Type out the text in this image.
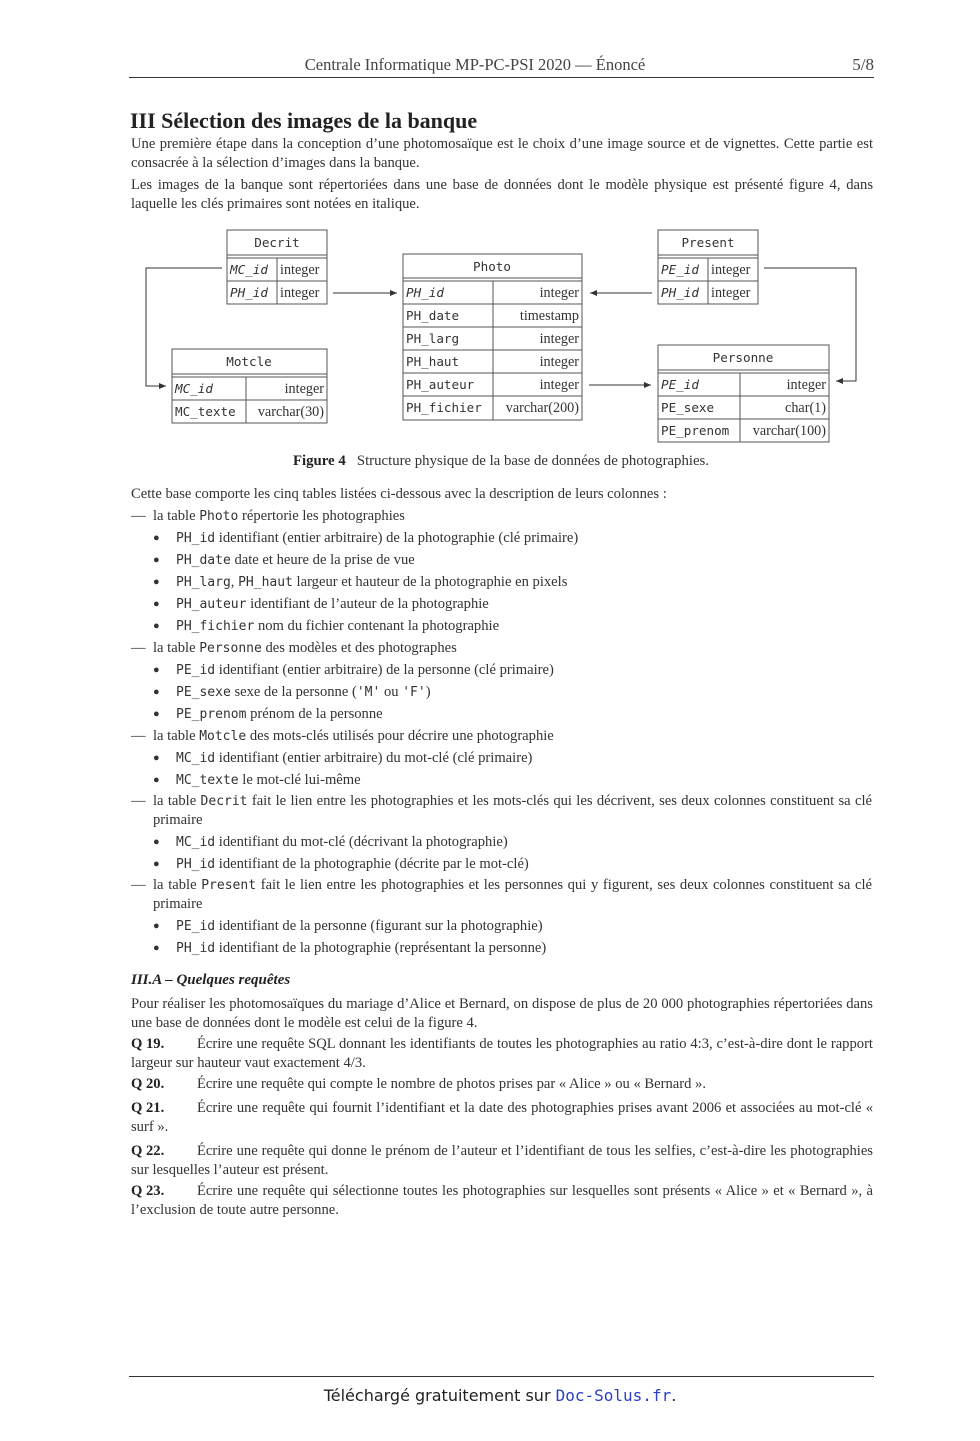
Centrale Informatique MP-PC-PSI 2020 — Énoncé	5/8
III Sélection des images de la banque
Une première étape dans la conception d’une photomosaïque est le choix d’une image source et de vignettes. Cette partie est consacrée à la sélection d’images dans la banque.
Les images de la banque sont répertoriées dans une base de données dont le modèle physique est présenté figure 4, dans laquelle les clés primaires sont notées en italique.
Decrit
MC_id integer
PH_id integer
Photo
PH_id	integer
PH_date	timestamp
PH_larg	integer
PH_haut	integer
PH_auteur	integer
PH_fichier varchar(200)
Present
PE_id integer
PH_id integer
Motcle
MC_id	integer
MC_texte varchar(30)
Personne
PE_id	integer
PE_sexe	char(1)
PE_prenom varchar(100)
Figure 4 Structure physique de la base de données de photographies.
Cette base comporte les cinq tables listées ci-dessous avec la description de leurs colonnes :
— la table Photo répertorie les photographies
● PH_id identifiant (entier arbitraire) de la photographie (clé primaire)
● PH_date date et heure de la prise de vue
● PH_larg, PH_haut largeur et hauteur de la photographie en pixels
● PH_auteur identifiant de l’auteur de la photographie
● PH_fichier nom du fichier contenant la photographie
— la table Personne des modèles et des photographes
● PE_id identifiant (entier arbitraire) de la personne (clé primaire)
● PE_sexe sexe de la personne ('M' ou 'F')
● PE_prenom prénom de la personne
— la table Motcle des mots-clés utilisés pour décrire une photographie
● MC_id identifiant (entier arbitraire) du mot-clé (clé primaire)
● MC_texte le mot-clé lui-même
— la table Decrit fait le lien entre les photographies et les mots-clés qui les décrivent, ses deux colonnes constituent sa clé primaire
● MC_id identifiant du mot-clé (décrivant la photographie)
● PH_id identifiant de la photographie (décrite par le mot-clé)
— la table Present fait le lien entre les photographies et les personnes qui y figurent, ses deux colonnes constituent sa clé primaire
● PE_id identifiant de la personne (figurant sur la photographie)
● PH_id identifiant de la photographie (représentant la personne)
III.A – Quelques requêtes
Pour réaliser les photomosaïques du mariage d’Alice et Bernard, on dispose de plus de 20 000 photographies répertoriées dans une base de données dont le modèle est celui de la figure 4.
Q 19. Écrire une requête SQL donnant les identifiants de toutes les photographies au ratio 4:3, c’est-à-dire dont le rapport largeur sur hauteur vaut exactement 4/3.
Q 20. Écrire une requête qui compte le nombre de photos prises par « Alice » ou « Bernard ».
Q 21. Écrire une requête qui fournit l’identifiant et la date des photographies prises avant 2006 et associées au mot-clé « surf ».
Q 22. Écrire une requête qui donne le prénom de l’auteur et l’identifiant de tous les selfies, c’est-à-dire les photographies sur lesquelles l’auteur est présent.
Q 23. Écrire une requête qui sélectionne toutes les photographies sur lesquelles sont présents « Alice » et « Bernard », à l’exclusion de toute autre personne.
Téléchargé gratuitement sur Doc-Solus.fr.
